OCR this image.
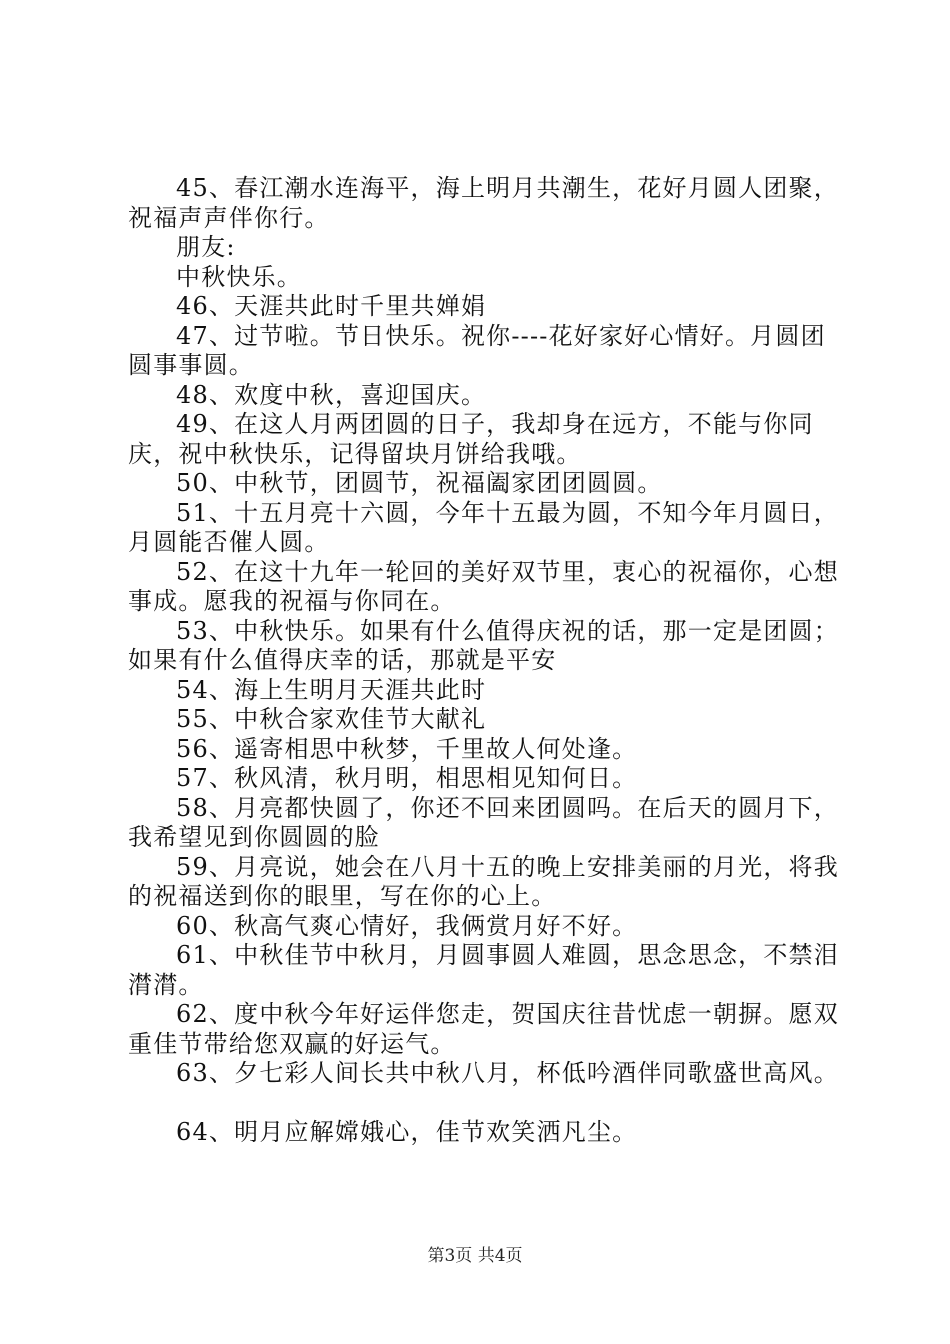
45、春江潮水连海平，海上明月共潮生，花好月圆人团聚，祝福声声伴你行。

朋友:

中秋快乐。

46、天涯共此时千里共婵娟

47、过节啦。节日快乐。祝你----花好家好心情好。月圆团圆事事圆。

48、欢度中秋，喜迎国庆。

49、在这人月两团圆的日子，我却身在远方，不能与你同庆，祝中秋快乐，记得留块月饼给我哦。

50、中秋节，团圆节，祝福阖家团团圆圆。

51、十五月亮十六圆，今年十五最为圆，不知今年月圆日，月圆能否催人圆。

52、在这十九年一轮回的美好双节里，衷心的祝福你，心想事成。愿我的祝福与你同在。

53、中秋快乐。如果有什么值得庆祝的话，那一定是团圆；如果有什么值得庆幸的话，那就是平安

54、海上生明月天涯共此时

55、中秋合家欢佳节大献礼

56、遥寄相思中秋梦，千里故人何处逢。

57、秋风清，秋月明，相思相见知何日。

58、月亮都快圆了，你还不回来团圆吗。在后天的圆月下，我希望见到你圆圆的脸

59、月亮说，她会在八月十五的晚上安排美丽的月光，将我的祝福送到你的眼里，写在你的心上。

60、秋高气爽心情好，我俩赏月好不好。

61、中秋佳节中秋月，月圆事圆人难圆，思念思念，不禁泪潸潸。

62、度中秋今年好运伴您走，贺国庆往昔忧虑一朝摒。愿双重佳节带给您双赢的好运气。

63、夕七彩人间长共中秋八月，杯低吟酒伴同歌盛世高风。

64、明月应解嫦娥心，佳节欢笑洒凡尘。

第3页 共4页
